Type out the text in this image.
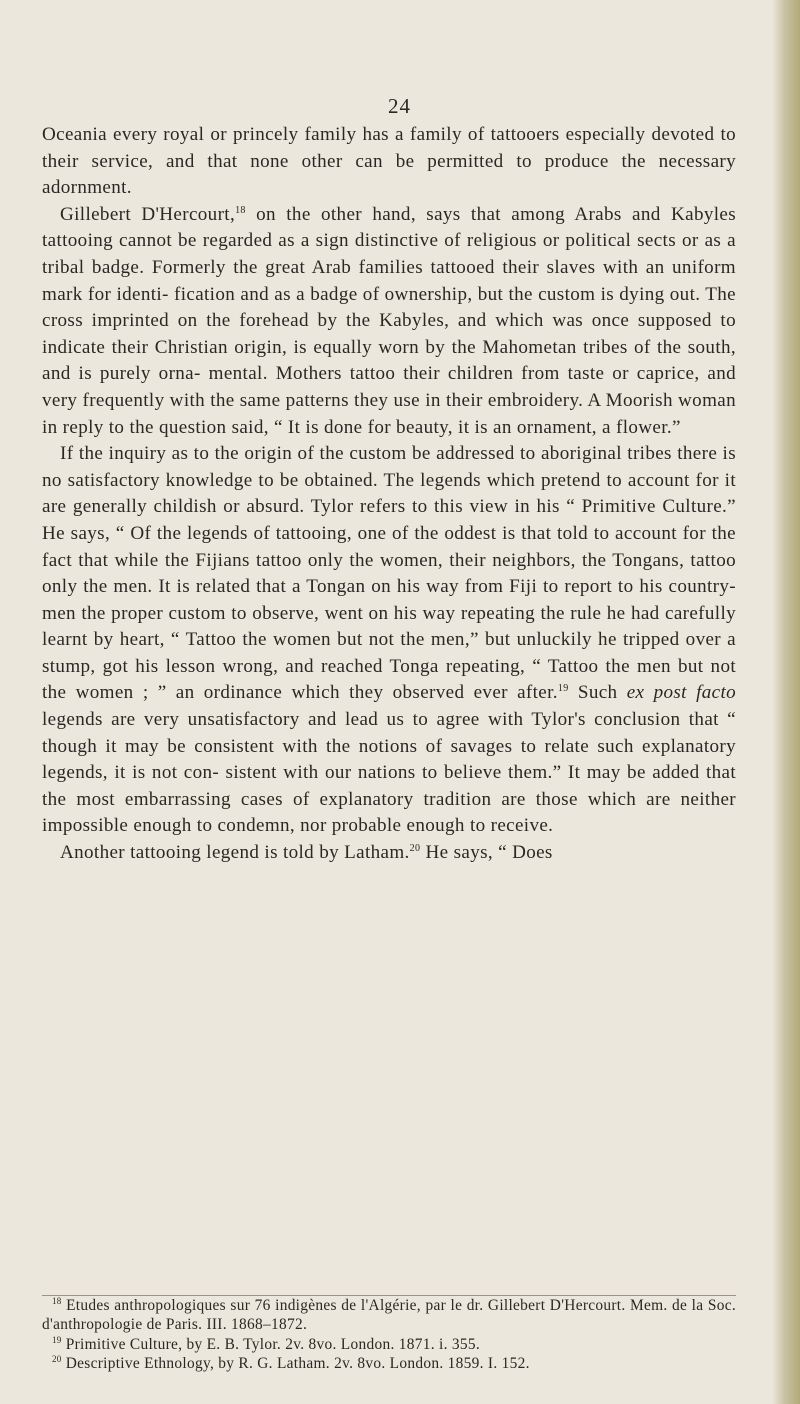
24

Oceania every royal or princely family has a family of tattooers especially devoted to their service, and that none other can be permitted to produce the necessary adornment.

Gillebert D'Hercourt,$^{18}$ on the other hand, says that among Arabs and Kabyles tattooing cannot be regarded as a sign distinctive of religious or political sects or as a tribal badge. Formerly the great Arab families tattooed their slaves with an uniform mark for identi- fication and as a badge of ownership, but the custom is dying out. The cross imprinted on the forehead by the Kabyles, and which was once supposed to indicate their Christian origin, is equally worn by the Mahometan tribes of the south, and is purely orna- mental. Mothers tattoo their children from taste or caprice, and very frequently with the same patterns they use in their embroidery. A Moorish woman in reply to the question said, “ It is done for beauty, it is an ornament, a flower.”

If the inquiry as to the origin of the custom be addressed to aboriginal tribes there is no satisfactory knowledge to be obtained. The legends which pretend to account for it are generally childish or absurd. Tylor refers to this view in his “ Primitive Culture.” He says, “ Of the legends of tattooing, one of the oddest is that told to account for the fact that while the Fijians tattoo only the women, their neighbors, the Tongans, tattoo only the men. It is related that a Tongan on his way from Fiji to report to his country- men the proper custom to observe, went on his way repeating the rule he had carefully learnt by heart, “ Tattoo the women but not the men,” but unluckily he tripped over a stump, got his lesson wrong, and reached Tonga repeating, “ Tattoo the men but not the women ; ” an ordinance which they observed ever after.$^{19}$ Such ex post facto legends are very unsatisfactory and lead us to agree with Tylor's conclusion that “ though it may be consistent with the notions of savages to relate such explanatory legends, it is not con- sistent with our nations to believe them.” It may be added that the most embarrassing cases of explanatory tradition are those which are neither impossible enough to condemn, nor probable enough to receive.

Another tattooing legend is told by Latham.$^{20}$ He says, “ Does

$^{18}$ Etudes anthropologiques sur 76 indigènes de l'Algérie, par le dr. Gillebert D'Hercourt. Mem. de la Soc. d'anthropologie de Paris. III. 1868–1872.
$^{19}$ Primitive Culture, by E. B. Tylor. 2v. 8vo. London. 1871. i. 355.
$^{20}$ Descriptive Ethnology, by R. G. Latham. 2v. 8vo. London. 1859. I. 152.
